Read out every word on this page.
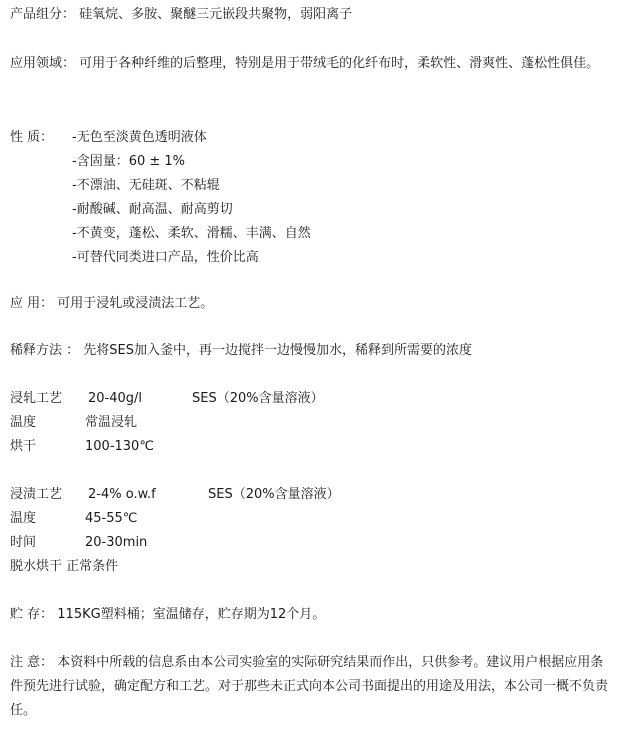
产品组分： 硅氧烷、多胺、聚醚三元嵌段共聚物，弱阳离子
应用领域： 可用于各种纤维的后整理，特别是用于带绒毛的化纤布时，柔软性、滑爽性、蓬松性俱佳。
性 质： -无色至淡黄色透明液体
-含固量：60 ± 1%
-不漂油、无硅斑、不粘辊
-耐酸碱、耐高温、耐高剪切
-不黄变，蓬松、柔软、滑糯、丰满、自然
-可替代同类进口产品，性价比高
应 用： 可用于浸轧或浸渍法工艺。
稀释方法 ： 先将SES加入釜中，再一边搅拌一边慢慢加水，稀释到所需要的浓度
浸轧工艺 20-40g/l	SES（20%含量溶液）
温度	常温浸轧
烘干	100-130℃
浸渍工艺 2-4% o.w.f	SES（20%含量溶液）
温度	45-55℃
时间	20-30min
脱水烘干 正常条件
贮 存： 115KG塑料桶；室温储存，贮存期为12个月。
注 意： 本资料中所载的信息系由本公司实验室的实际研究结果而作出，只供参考。建议用户根据应用条件预先进行试验，确定配方和工艺。对于那些未正式向本公司书面提出的用途及用法，本公司一概不负责任。
